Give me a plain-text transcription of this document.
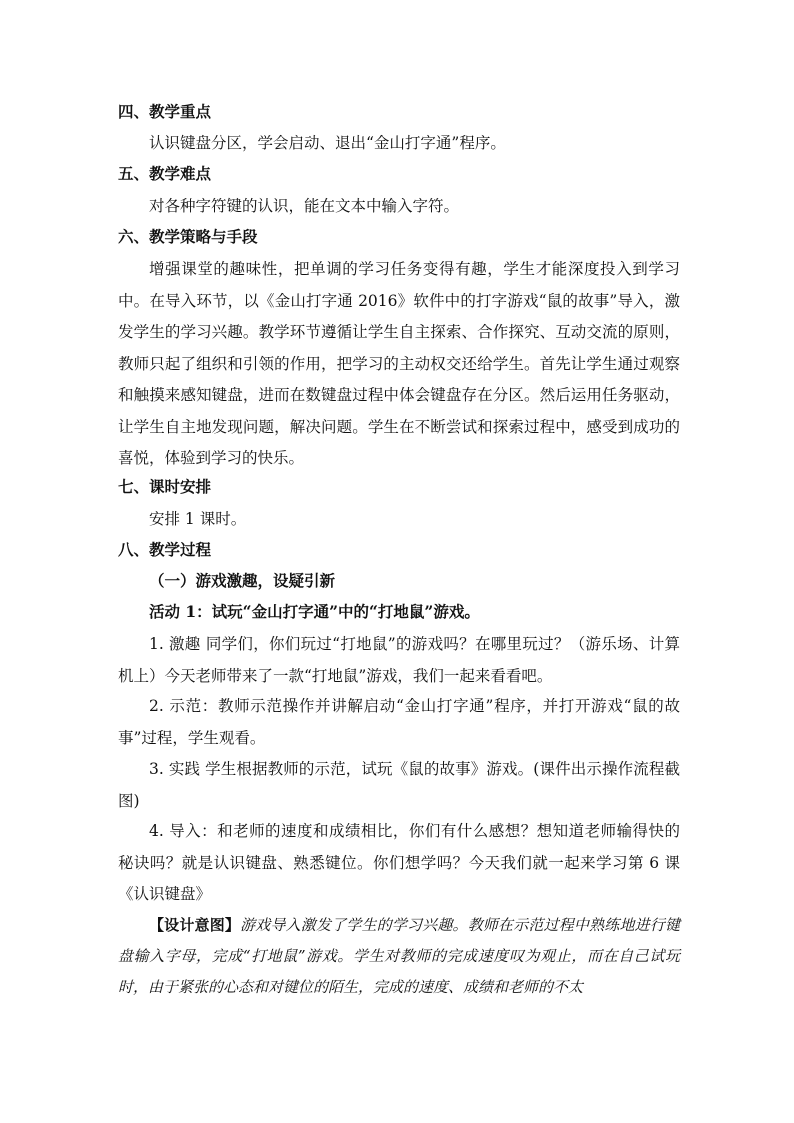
四、教学重点
认识键盘分区，学会启动、退出“金山打字通”程序。
五、教学难点
对各种字符键的认识，能在文本中输入字符。
六、教学策略与手段
增强课堂的趣味性，把单调的学习任务变得有趣，学生才能深度投入到学习中。在导入环节，以《金山打字通 2016》软件中的打字游戏“鼠的故事”导入，激发学生的学习兴趣。教学环节遵循让学生自主探索、合作探究、互动交流的原则，教师只起了组织和引领的作用，把学习的主动权交还给学生。首先让学生通过观察和触摸来感知键盘，进而在数键盘过程中体会键盘存在分区。然后运用任务驱动，让学生自主地发现问题，解决问题。学生在不断尝试和探索过程中，感受到成功的喜悦，体验到学习的快乐。
七、课时安排
安排 1 课时。
八、教学过程
（一）游戏激趣，设疑引新
活动 1：试玩“金山打字通”中的“打地鼠”游戏。
1. 激趣 同学们，你们玩过“打地鼠”的游戏吗？在哪里玩过？（游乐场、计算机上）今天老师带来了一款“打地鼠”游戏，我们一起来看看吧。
2. 示范：教师示范操作并讲解启动“金山打字通”程序，并打开游戏“鼠的故事”过程，学生观看。
3. 实践 学生根据教师的示范，试玩《鼠的故事》游戏。(课件出示操作流程截图)
4. 导入：和老师的速度和成绩相比，你们有什么感想？想知道老师输得快的秘诀吗？就是认识键盘、熟悉键位。你们想学吗？今天我们就一起来学习第 6 课《认识键盘》
【设计意图】游戏导入激发了学生的学习兴趣。教师在示范过程中熟练地进行键盘输入字母，完成“打地鼠”游戏。学生对教师的完成速度叹为观止，而在自己试玩时，由于紧张的心态和对键位的陌生，完成的速度、成绩和老师的不太
